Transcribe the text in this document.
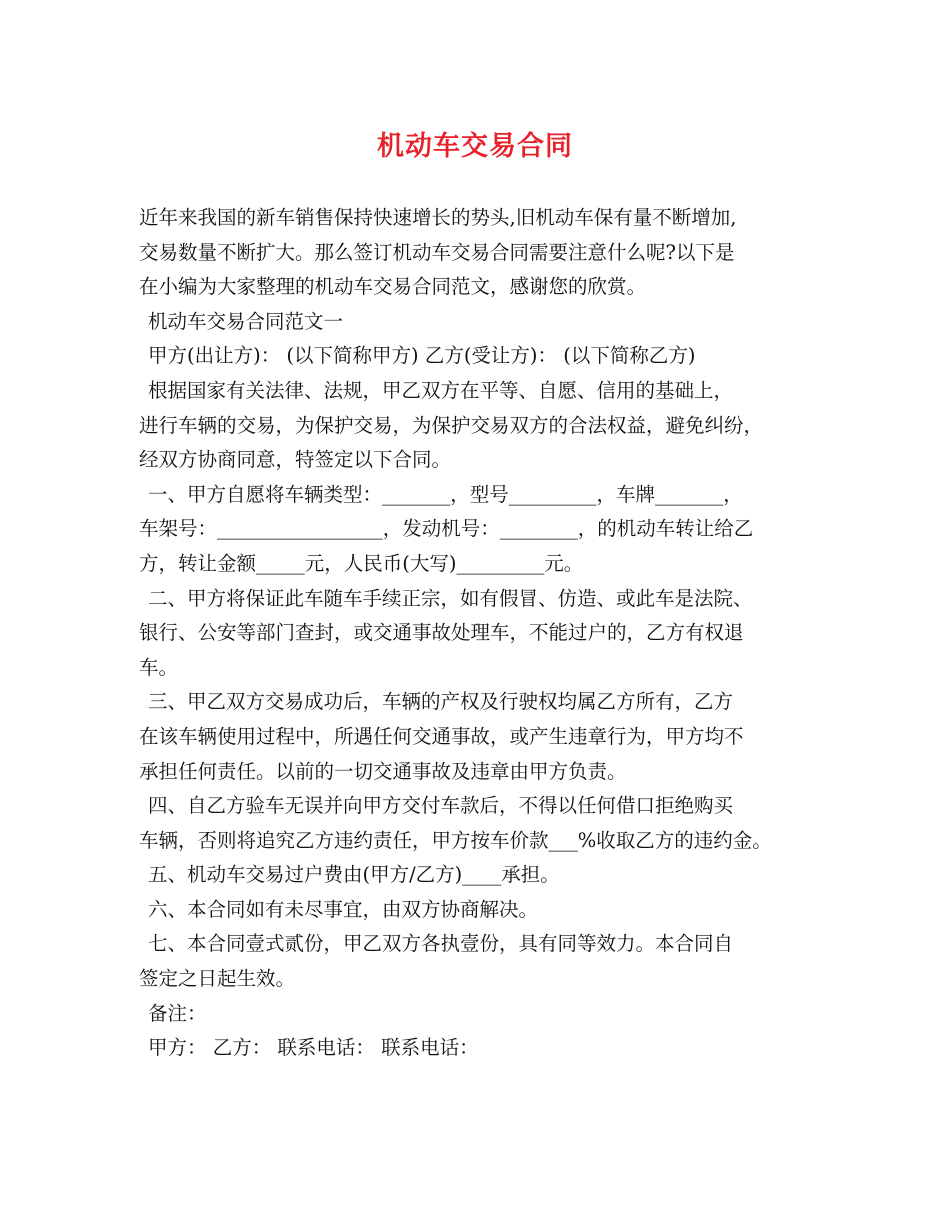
机动车交易合同

近年来我国的新车销售保持快速增长的势头,旧机动车保有量不断增加,

交易数量不断扩大。那么签订机动车交易合同需要注意什么呢?以下是

在小编为大家整理的机动车交易合同范文，感谢您的欣赏。

机动车交易合同范文一

甲方(出让方)： (以下简称甲方) 乙方(受让方)： (以下简称乙方)

根据国家有关法律、法规，甲乙双方在平等、自愿、信用的基础上，

进行车辆的交易，为保护交易，为保护交易双方的合法权益，避免纠纷，

经双方协商同意，特签定以下合同。

一、甲方自愿将车辆类型：_______，型号_________，车牌_______，

车架号：_________________，发动机号：________，的机动车转让给乙

方，转让金额_____元，人民币(大写)_________元。

二、甲方将保证此车随车手续正宗，如有假冒、仿造、或此车是法院、

银行、公安等部门查封，或交通事故处理车，不能过户的，乙方有权退

车。

三、甲乙双方交易成功后，车辆的产权及行驶权均属乙方所有，乙方

在该车辆使用过程中，所遇任何交通事故，或产生违章行为，甲方均不

承担任何责任。以前的一切交通事故及违章由甲方负责。

四、自乙方验车无误并向甲方交付车款后，不得以任何借口拒绝购买

车辆，否则将追究乙方违约责任，甲方按车价款___%收取乙方的违约金。

五、机动车交易过户费由(甲方/乙方)____承担。

六、本合同如有未尽事宜，由双方协商解决。

七、本合同壹式贰份，甲乙双方各执壹份，具有同等效力。本合同自

签定之日起生效。

备注：

甲方： 乙方： 联系电话： 联系电话：
